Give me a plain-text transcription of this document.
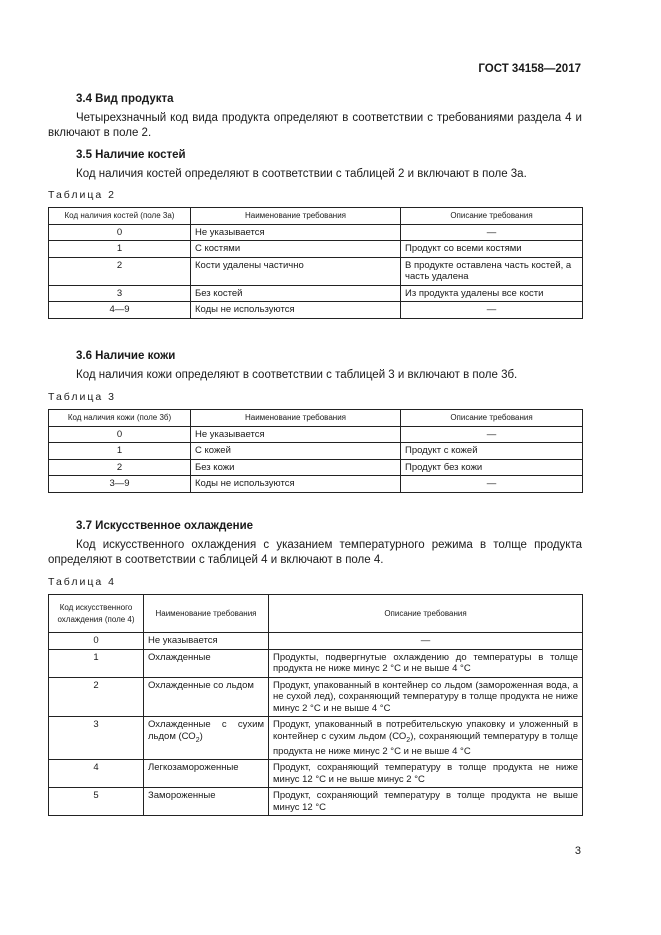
ГОСТ 34158—2017
3.4 Вид продукта

Четырехзначный код вида продукта определяют в соответствии с требованиями раздела 4 и включают в поле 2.

3.5 Наличие костей

Код наличия костей определяют в соответствии с таблицей 2 и включают в поле 3а.

Таблица 2

Код наличия костей (поле 3а)	Наименование требования	Описание требования
0	Не указывается	—
1	С костями	Продукт со всеми костями
2	Кости удалены частично	В продукте оставлена часть костей, а часть удалена
3	Без костей	Из продукта удалены все кости
4—9	Коды не используются	—
3.6 Наличие кожи

Код наличия кожи определяют в соответствии с таблицей 3 и включают в поле 3б.

Таблица 3

Код наличия кожи (поле 3б)	Наименование требования	Описание требования
0	Не указывается	—
1	С кожей	Продукт с кожей
2	Без кожи	Продукт без кожи
3—9	Коды не используются	—
3.7 Искусственное охлаждение

Код искусственного охлаждения с указанием температурного режима в толще продукта определяют в соответствии с таблицей 4 и включают в поле 4.

Таблица 4

Код искусственного охлаждения (поле 4)	Наименование требования	Описание требования
0	Не указывается	—
1	Охлажденные	Продукты, подвергнутые охлаждению до температуры в толще продукта не ниже минус 2 °С и не выше 4 °С
2	Охлажденные со льдом	Продукт, упакованный в контейнер со льдом (замороженная вода, а не сухой лед), сохраняющий температуру в толще продукта не ниже минус 2 °С и не выше 4 °С
3	Охлажденные с сухим льдом $(СО_2)$	Продукт, упакованный в потребительскую упаковку и уложенный в контейнер с сухим льдом $(СО_2)$, сохраняющий температуру в толще продукта не ниже минус 2 °С и не выше 4 °С
4	Легкозамороженные	Продукт, сохраняющий температуру в толще продукта не ниже минус 12 °С и не выше минус 2 °С
5	Замороженные	Продукт, сохраняющий температуру в толще продукта не выше минус 12 °С
3
